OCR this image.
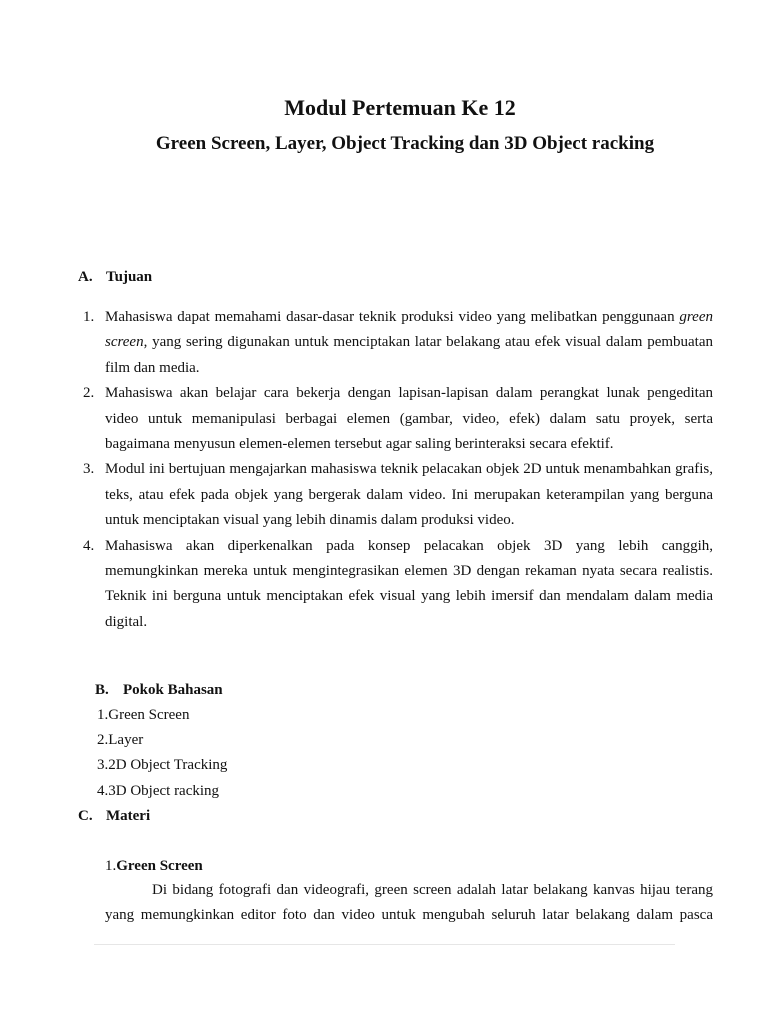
Modul Pertemuan Ke 12
Green Screen, Layer, Object Tracking dan 3D Object racking
A. Tujuan
1. Mahasiswa dapat memahami dasar-dasar teknik produksi video yang melibatkan penggunaan green screen, yang sering digunakan untuk menciptakan latar belakang atau efek visual dalam pembuatan film dan media.
2. Mahasiswa akan belajar cara bekerja dengan lapisan-lapisan dalam perangkat lunak pengeditan video untuk memanipulasi berbagai elemen (gambar, video, efek) dalam satu proyek, serta bagaimana menyusun elemen-elemen tersebut agar saling berinteraksi secara efektif.
3. Modul ini bertujuan mengajarkan mahasiswa teknik pelacakan objek 2D untuk menambahkan grafis, teks, atau efek pada objek yang bergerak dalam video. Ini merupakan keterampilan yang berguna untuk menciptakan visual yang lebih dinamis dalam produksi video.
4. Mahasiswa akan diperkenalkan pada konsep pelacakan objek 3D yang lebih canggih, memungkinkan mereka untuk mengintegrasikan elemen 3D dengan rekaman nyata secara realistis. Teknik ini berguna untuk menciptakan efek visual yang lebih imersif dan mendalam dalam media digital.
B. Pokok Bahasan
1.Green Screen
2.Layer
3.2D Object Tracking
4.3D Object racking
C. Materi
1.Green Screen

Di bidang fotografi dan videografi, green screen adalah latar belakang kanvas hijau terang yang memungkinkan editor foto dan video untuk mengubah seluruh latar belakang dalam pasca
